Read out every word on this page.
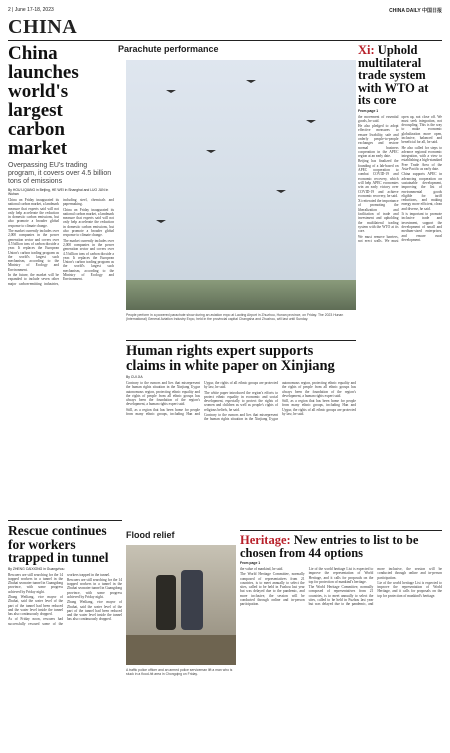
2 | June 17-18, 2023	CHINA DAILY 中国日报
CHINA
China launches world's largest carbon market
Overpassing EU's trading program, it covers over 4.5 billion tons of emissions
By HOU LIQIANG in Beijing, HE WEI in Shanghai and LUO JUN in Wuhan

China on Friday inaugurated its national carbon market, a landmark measure that experts said will not only help accelerate the reduction in domestic carbon emissions, but also promote a broader global response to climate change.

The market currently includes over 2,000 companies in the power generation sector and covers over 4.5 billion tons of carbon dioxide a year. It replaces the European Union's carbon trading program as the world's largest such mechanism, according to the Ministry of Ecology and Environment.

In the future, the market will be expanded to include seven other major carbon-emitting industries, including steel, chemicals and papermaking.

China on Friday inaugurated its national carbon market, a landmark measure that experts said will not only help accelerate the reduction in domestic carbon emissions, but also promote a broader global response to climate change.

The market currently includes over 2,000 companies in the power generation sector and covers over 4.5 billion tons of carbon dioxide a year. It replaces the European Union's carbon trading program as the world's largest such mechanism, according to the Ministry of Ecology and Environment.

Parachute performance
People perform in a powered parachute show during an aviation expo at Laoting Airport in Zhuzhou, Hunan province, on Friday. The 2023 Hunan (International) General Aviation Industry Expo, held in the provincial capital Changsha and Zhuzhou, will last until Sunday.
Xi: Uphold multilateral trade system with WTO at its core
From page 1

the movement of essential goods, he said.

He also pledged to adopt effective measures to ensure livability, safe and orderly people-to-people exchanges and restore normal business cooperation in the APEC region at an early date.

Beijing has finalized the founding of a lab-based on APEC cooperation to combat COVID-19 and economic recovery, which will help APEC economies win an early victory over COVID-19 and achieve economic recovery, he said.

Xi reiterated the importance of promoting the liberalization and facilitation of trade and investment and upholding the multilateral trading system with the WTO at its core.

We must remove barriers, not erect walls. We must open up, not close off. We must seek integration, not decoupling. This is the way to make economic globalization more open, inclusive, balanced and beneficial for all, he said.

He also called for steps to advance regional economic integration, with a view to establishing a high-standard Free Trade Area of the Asia-Pacific as early date.

China supports APEC in advancing cooperation on sustainable development, improving the list of environmental goods eligible for tariff reductions, and making energy more efficient, clean and diverse, he said.

It is important to promote inclusive trade and investment, support the development of small and medium-sized enterprises, and ensure rural development.

Human rights expert supports claims in white paper on Xinjiang
By CUI JIA

Contrary to the rumors and lies that misrepresent the human rights situation in the Xinjiang Uygur autonomous region, protecting ethnic equality and the rights of people from all ethnic groups has always been the foundation of the region's development, a human rights expert said.

Still, as a region that has been home for people from many ethnic groups, including Han and Uygur, the rights of all ethnic groups are protected by law, he said.

The white paper introduced the region's efforts to protect ethnic equality in economic and social development, especially to protect the rights of women and children as well as people's rights of religious beliefs, he said.

Contrary to the rumors and lies that misrepresent the human rights situation in the Xinjiang Uygur autonomous region, protecting ethnic equality and the rights of people from all ethnic groups has always been the foundation of the region's development, a human rights expert said.

Still, as a region that has been home for people from many ethnic groups, including Han and Uygur, the rights of all ethnic groups are protected by law, he said.

Rescue continues for workers trapped in tunnel
By ZHENG CAIXIONG in Guangzhou

Rescuers are still searching for the 14 trapped workers in a tunnel in the Zhuhai seawater tunnel in Guangdong province, with some progress achieved by Friday night.

Zhang Weiliang, vice mayor of Zhuhai, said the water level of the part of the tunnel had been reduced and the water level inside the tunnel has also continuously dropped.

As of Friday noon, rescuers had successfully rescued some of the workers trapped in the tunnel.

Rescuers are still searching for the 14 trapped workers in a tunnel in the Zhuhai seawater tunnel in Guangdong province, with some progress achieved by Friday night.

Zhang Weiliang, vice mayor of Zhuhai, said the water level of the part of the tunnel had been reduced and the water level inside the tunnel has also continuously dropped.

Flood relief
A traffic police officer and an armed police serviceman lift a man who is stuck in a flood-hit area in Chongqing on Friday.
Heritage: New entries to list to be chosen from 44 options
From page 1

the value of mankind, he said.

The World Heritage Committee, normally composed of representatives from 21 countries, is to meet annually to select the sites, called to be held in Fuzhou last year but was delayed due to the pandemic, and more inclusive, the session will be conducted through online and in-person participation.

Lie of the world heritage List is expected to improve the representation of World Heritage, and it calls for proposals on the top for protection of mankind's heritage.

The World Heritage Committee, normally composed of representatives from 21 countries, is to meet annually to select the sites, called to be held in Fuzhou last year but was delayed due to the pandemic, and more inclusive, the session will be conducted through online and in-person participation.

Lie of the world heritage List is expected to improve the representation of World Heritage, and it calls for proposals on the top for protection of mankind's heritage.
